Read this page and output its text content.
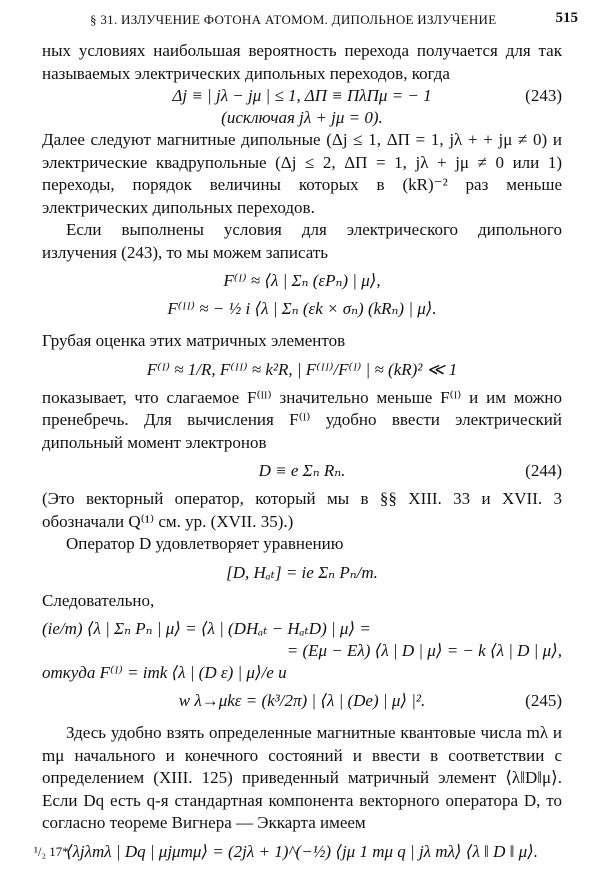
§ 31. ИЗЛУЧЕНИЕ ФОТОНА АТОМОМ. ДИПОЛЬНОЕ ИЗЛУЧЕНИЕ	515

ных условиях наибольшая вероятность перехода получается для так называемых электрических дипольных переходов, когда

Δj ≡ | jλ − jμ | ≤ 1, ΔΠ ≡ ΠλΠμ = − 1	(243)
(исключая jλ + jμ = 0).

Далее следуют магнитные дипольные (Δj ≤ 1, ΔΠ = 1, jλ + + jμ ≠ 0) и электрические квадрупольные (Δj ≤ 2, ΔΠ = 1, jλ + jμ ≠ 0 или 1) переходы, порядок величины которых в (kR)⁻² раз меньше электрических дипольных переходов.

Если выполнены условия для электрического дипольного излучения (243), то мы можем записать

F⁽ᴵ⁾ ≈ ⟨λ | Σₙ (εPₙ) | μ⟩,
F⁽ᴵᴵ⁾ ≈ − ½ i ⟨λ | Σₙ (εk × σₙ) (kRₙ) | μ⟩.

Грубая оценка этих матричных элементов

F⁽ᴵ⁾ ≈ 1/R, F⁽ᴵᴵ⁾ ≈ k²R, | F⁽ᴵᴵ⁾/F⁽ᴵ⁾ | ≈ (kR)² ≪ 1

показывает, что слагаемое F⁽ᴵᴵ⁾ значительно меньше F⁽ᴵ⁾ и им можно пренебречь. Для вычисления F⁽ᴵ⁾ удобно ввести электрический дипольный момент электронов

D ≡ e Σₙ Rₙ.	(244)

(Это векторный оператор, который мы в §§ XIII. 33 и XVII. 3 обозначали Q⁽¹⁾ см. ур. (XVII. 35).)

Оператор D удовлетворяет уравнению

[D, Hₐₜ] = ie Σₙ Pₙ/m.

Следовательно,

(ie/m) ⟨λ | Σₙ Pₙ | μ⟩ = ⟨λ | (DHₐₜ − HₐₜD) | μ⟩ =
= (Eμ − Eλ) ⟨λ | D | μ⟩ = − k ⟨λ | D | μ⟩,
откуда F⁽ᴵ⁾ = imk ⟨λ | (D ε) | μ⟩/e и
w λ→μkε = (k³/2π) | ⟨λ | (De) | μ⟩ |².	(245)

Здесь удобно взять определенные магнитные квантовые числа mλ и mμ начального и конечного состояний и ввести в соответствии с определением (XIII. 125) приведенный матричный элемент ⟨λ‖D‖μ⟩. Если Dq есть q-я стандартная компонента векторного оператора D, то согласно теореме Вигнера — Эккарта имеем

⟨λjλmλ | Dq | μjμmμ⟩ = (2jλ + 1)^(−½) ⟨jμ 1 mμ q | jλ mλ⟩ ⟨λ ‖ D ‖ μ⟩.
¹/₂ 17*
